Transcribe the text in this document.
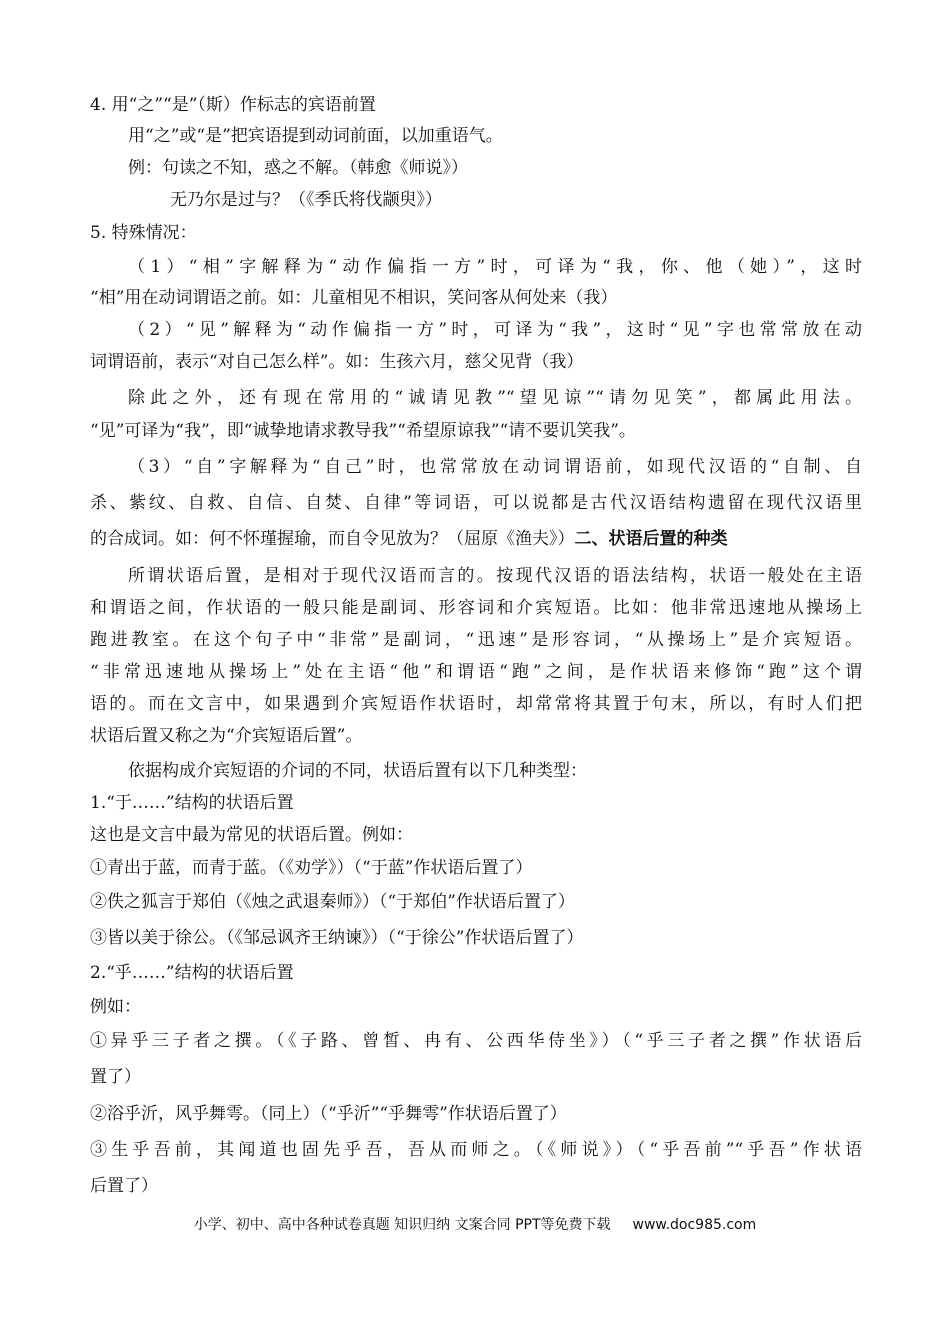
4. 用“之”“是”（斯）作标志的宾语前置
用“之”或“是”把宾语提到动词前面，以加重语气。
例：句读之不知，惑之不解。（韩愈《师说》）
无乃尔是过与？（《季氏将伐颛臾》）
5. 特殊情况：
（1）“相”字解释为“动作偏指一方”时，可译为“我，你、他（她）”，这时
“相”用在动词谓语之前。如：儿童相见不相识，笑问客从何处来（我）
（2）“见”解释为“动作偏指一方”时，可译为“我”，这时“见”字也常常放在动
词谓语前，表示“对自己怎么样”。如：生孩六月，慈父见背（我）
除此之外，还有现在常用的“诚请见教”“望见谅”“请勿见笑”，都属此用法。
“见”可译为“我”，即“诚挚地请求教导我”“希望原谅我”“请不要讥笑我”。
（3）“自”字解释为“自己”时，也常常放在动词谓语前，如现代汉语的“自制、自
杀、紫纹、自救、自信、自焚、自律”等词语，可以说都是古代汉语结构遗留在现代汉语里
的合成词。如：何不怀瑾握瑜，而自令见放为？（屈原《渔夫》）二、状语后置的种类
所谓状语后置，是相对于现代汉语而言的。按现代汉语的语法结构，状语一般处在主语
和谓语之间，作状语的一般只能是副词、形容词和介宾短语。比如：他非常迅速地从操场上
跑进教室。在这个句子中“非常”是副词，“迅速”是形容词，“从操场上”是介宾短语。
“非常迅速地从操场上”处在主语“他”和谓语“跑”之间，是作状语来修饰“跑”这个谓
语的。而在文言中，如果遇到介宾短语作状语时，却常常将其置于句末，所以，有时人们把
状语后置又称之为“介宾短语后置”。
依据构成介宾短语的介词的不同，状语后置有以下几种类型：
1.“于……”结构的状语后置
这也是文言中最为常见的状语后置。例如：
①青出于蓝，而青于蓝。（《劝学》）（“于蓝”作状语后置了）
②佚之狐言于郑伯（《烛之武退秦师》）（“于郑伯”作状语后置了）
③皆以美于徐公。（《邹忌讽齐王纳谏》）（“于徐公”作状语后置了）
2.“乎……”结构的状语后置
例如：
①异乎三子者之撰。（《子路、曾皙、冉有、公西华侍坐》）（“乎三子者之撰”作状语后
置了）
②浴乎沂，风乎舞雩。（同上）（“乎沂”“乎舞雩”作状语后置了）
③生乎吾前，其闻道也固先乎吾，吾从而师之。（《师说》）（“乎吾前”“乎吾”作状语
后置了）
小学、初中、高中各种试卷真题 知识归纳 文案合同 PPT等免费下载 www.doc985.com
